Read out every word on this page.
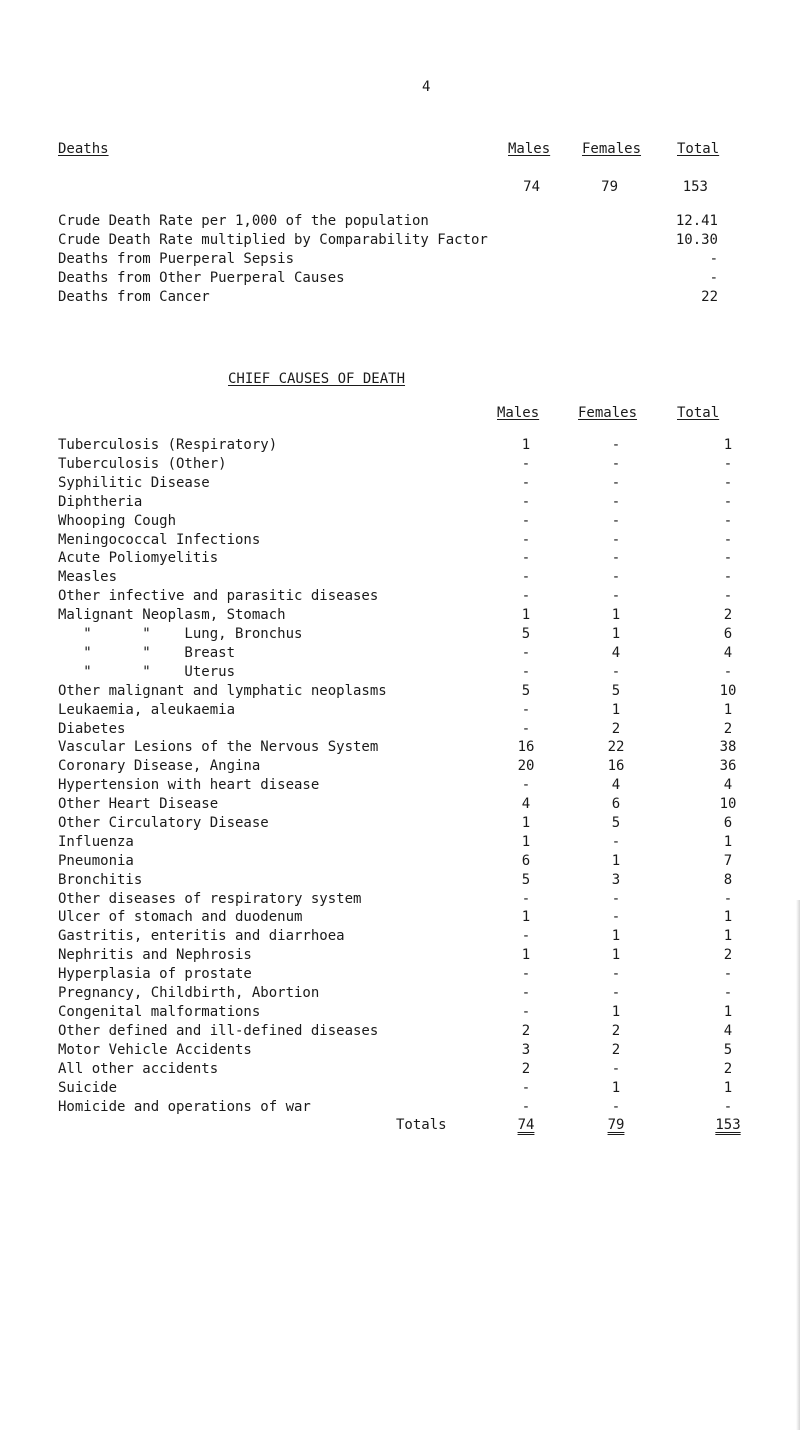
4
Deaths	Males Females	Total
74	79	153
Crude Death Rate per 1,000 of the population	12.41
Crude Death Rate multiplied by Comparability Factor	10.30
Deaths from Puerperal Sepsis	-
Deaths from Other Puerperal Causes	-
Deaths from Cancer	22
CHIEF CAUSES OF DEATH
Males	Females	Total
Tuberculosis (Respiratory)	1	-	1
Tuberculosis (Other)	-	-	-
Syphilitic Disease	-	-	-
Diphtheria	-	-	-
Whooping Cough	-	-	-
Meningococcal Infections	-	-	-
Acute Poliomyelitis	-	-	-
Measles	-	-	-
Other infective and parasitic diseases	-	-	-
Malignant Neoplasm, Stomach	1	1	2
"      "    Lung, Bronchus	5	1	6
"      "    Breast	-	4	4
"      "    Uterus	-	-	-
Other malignant and lymphatic neoplasms	5	5	10
Leukaemia, aleukaemia	-	1	1
Diabetes	-	2	2
Vascular Lesions of the Nervous System	16	22	38
Coronary Disease, Angina	20	16	36
Hypertension with heart disease	-	4	4
Other Heart Disease	4	6	10
Other Circulatory Disease	1	5	6
Influenza	1	-	1
Pneumonia	6	1	7
Bronchitis	5	3	8
Other diseases of respiratory system	-	-	-
Ulcer of stomach and duodenum	1	-	1
Gastritis, enteritis and diarrhoea	-	1	1
Nephritis and Nephrosis	1	1	2
Hyperplasia of prostate	-	-	-
Pregnancy, Childbirth, Abortion	-	-	-
Congenital malformations	-	1	1
Other defined and ill-defined diseases	2	2	4
Motor Vehicle Accidents	3	2	5
All other accidents	2	-	2
Suicide	-	1	1
Homicide and operations of war	-	-	-
Totals	74	79	153
